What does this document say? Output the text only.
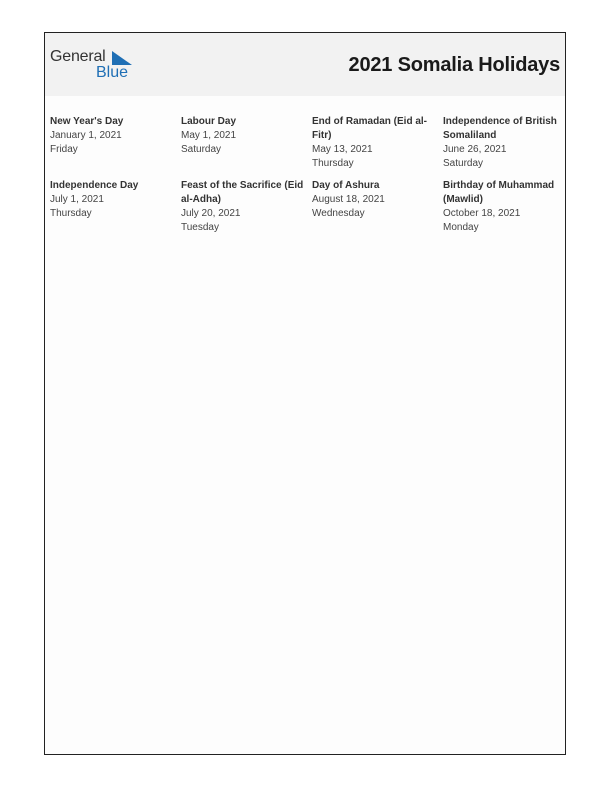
General
Blue	2021 Somalia Holidays
New Year's Day
January 1, 2021
Friday
Labour Day
May 1, 2021
Saturday
End of Ramadan (Eid al-Fitr)
May 13, 2021
Thursday
Independence of British Somaliland
June 26, 2021
Saturday
Independence Day
July 1, 2021
Thursday
Feast of the Sacrifice (Eid al-Adha)
July 20, 2021
Tuesday
Day of Ashura
August 18, 2021
Wednesday
Birthday of Muhammad (Mawlid)
October 18, 2021
Monday
